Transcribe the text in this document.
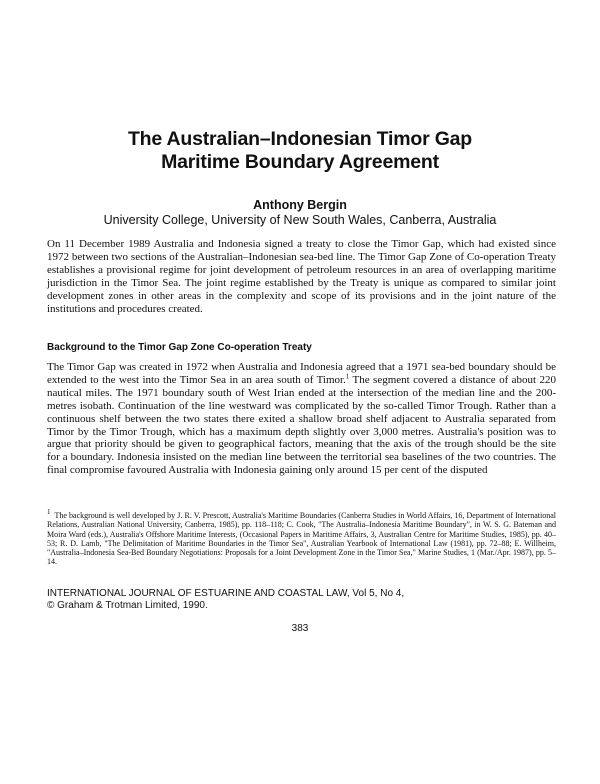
The Australian–Indonesian Timor Gap
Maritime Boundary Agreement
Anthony Bergin
University College, University of New South Wales, Canberra, Australia

On 11 December 1989 Australia and Indonesia signed a treaty to close the Timor Gap, which had existed since 1972 between two sections of the Australian–Indonesian sea-bed line. The Timor Gap Zone of Co-operation Treaty establishes a provisional regime for joint development of petroleum resources in an area of overlapping maritime jurisdiction in the Timor Sea. The joint regime established by the Treaty is unique as compared to similar joint development zones in other areas in the complexity and scope of its provisions and in the joint nature of the institutions and procedures created.

Background to the Timor Gap Zone Co-operation Treaty

The Timor Gap was created in 1972 when Australia and Indonesia agreed that a 1971 sea-bed boundary should be extended to the west into the Timor Sea in an area south of Timor.$^1$ The segment covered a distance of about 220 nautical miles. The 1971 boundary south of West Irian ended at the intersection of the median line and the 200-metres isobath. Continuation of the line westward was complicated by the so-called Timor Trough. Rather than a continuous shelf between the two states there exited a shallow broad shelf adjacent to Australia separated from Timor by the Timor Trough, which has a maximum depth slightly over 3,000 metres. Australia's position was to argue that priority should be given to geographical factors, meaning that the axis of the trough should be the site for a boundary. Indonesia insisted on the median line between the territorial sea baselines of the two countries. The final compromise favoured Australia with Indonesia gaining only around 15 per cent of the disputed

1 The background is well developed by J. R. V. Prescott, Australia's Maritime Boundaries (Canberra Studies in World Affairs, 16, Department of International Relations, Australian National University, Canberra, 1985), pp. 118–118; C. Cook, "The Australia–Indonesia Maritime Boundary", in W. S. G. Bateman and Moira Ward (eds.), Australia's Offshore Maritime Interests, (Occasional Papers in Maritime Affairs, 3, Australian Centre for Maritime Studies, 1985), pp. 40–53; R. D. Lamb, "The Delimitation of Maritime Boundaries in the Timor Sea", Australian Yearbook of International Law (1981), pp. 72–88; E. Willheim, "Australia–Indonesia Sea-Bed Boundary Negotiations: Proposals for a Joint Development Zone in the Timor Sea," Marine Studies, 1 (Mar./Apr. 1987), pp. 5–14.

INTERNATIONAL JOURNAL OF ESTUARINE AND COASTAL LAW, Vol 5, No 4,
© Graham & Trotman Limited, 1990.
383
